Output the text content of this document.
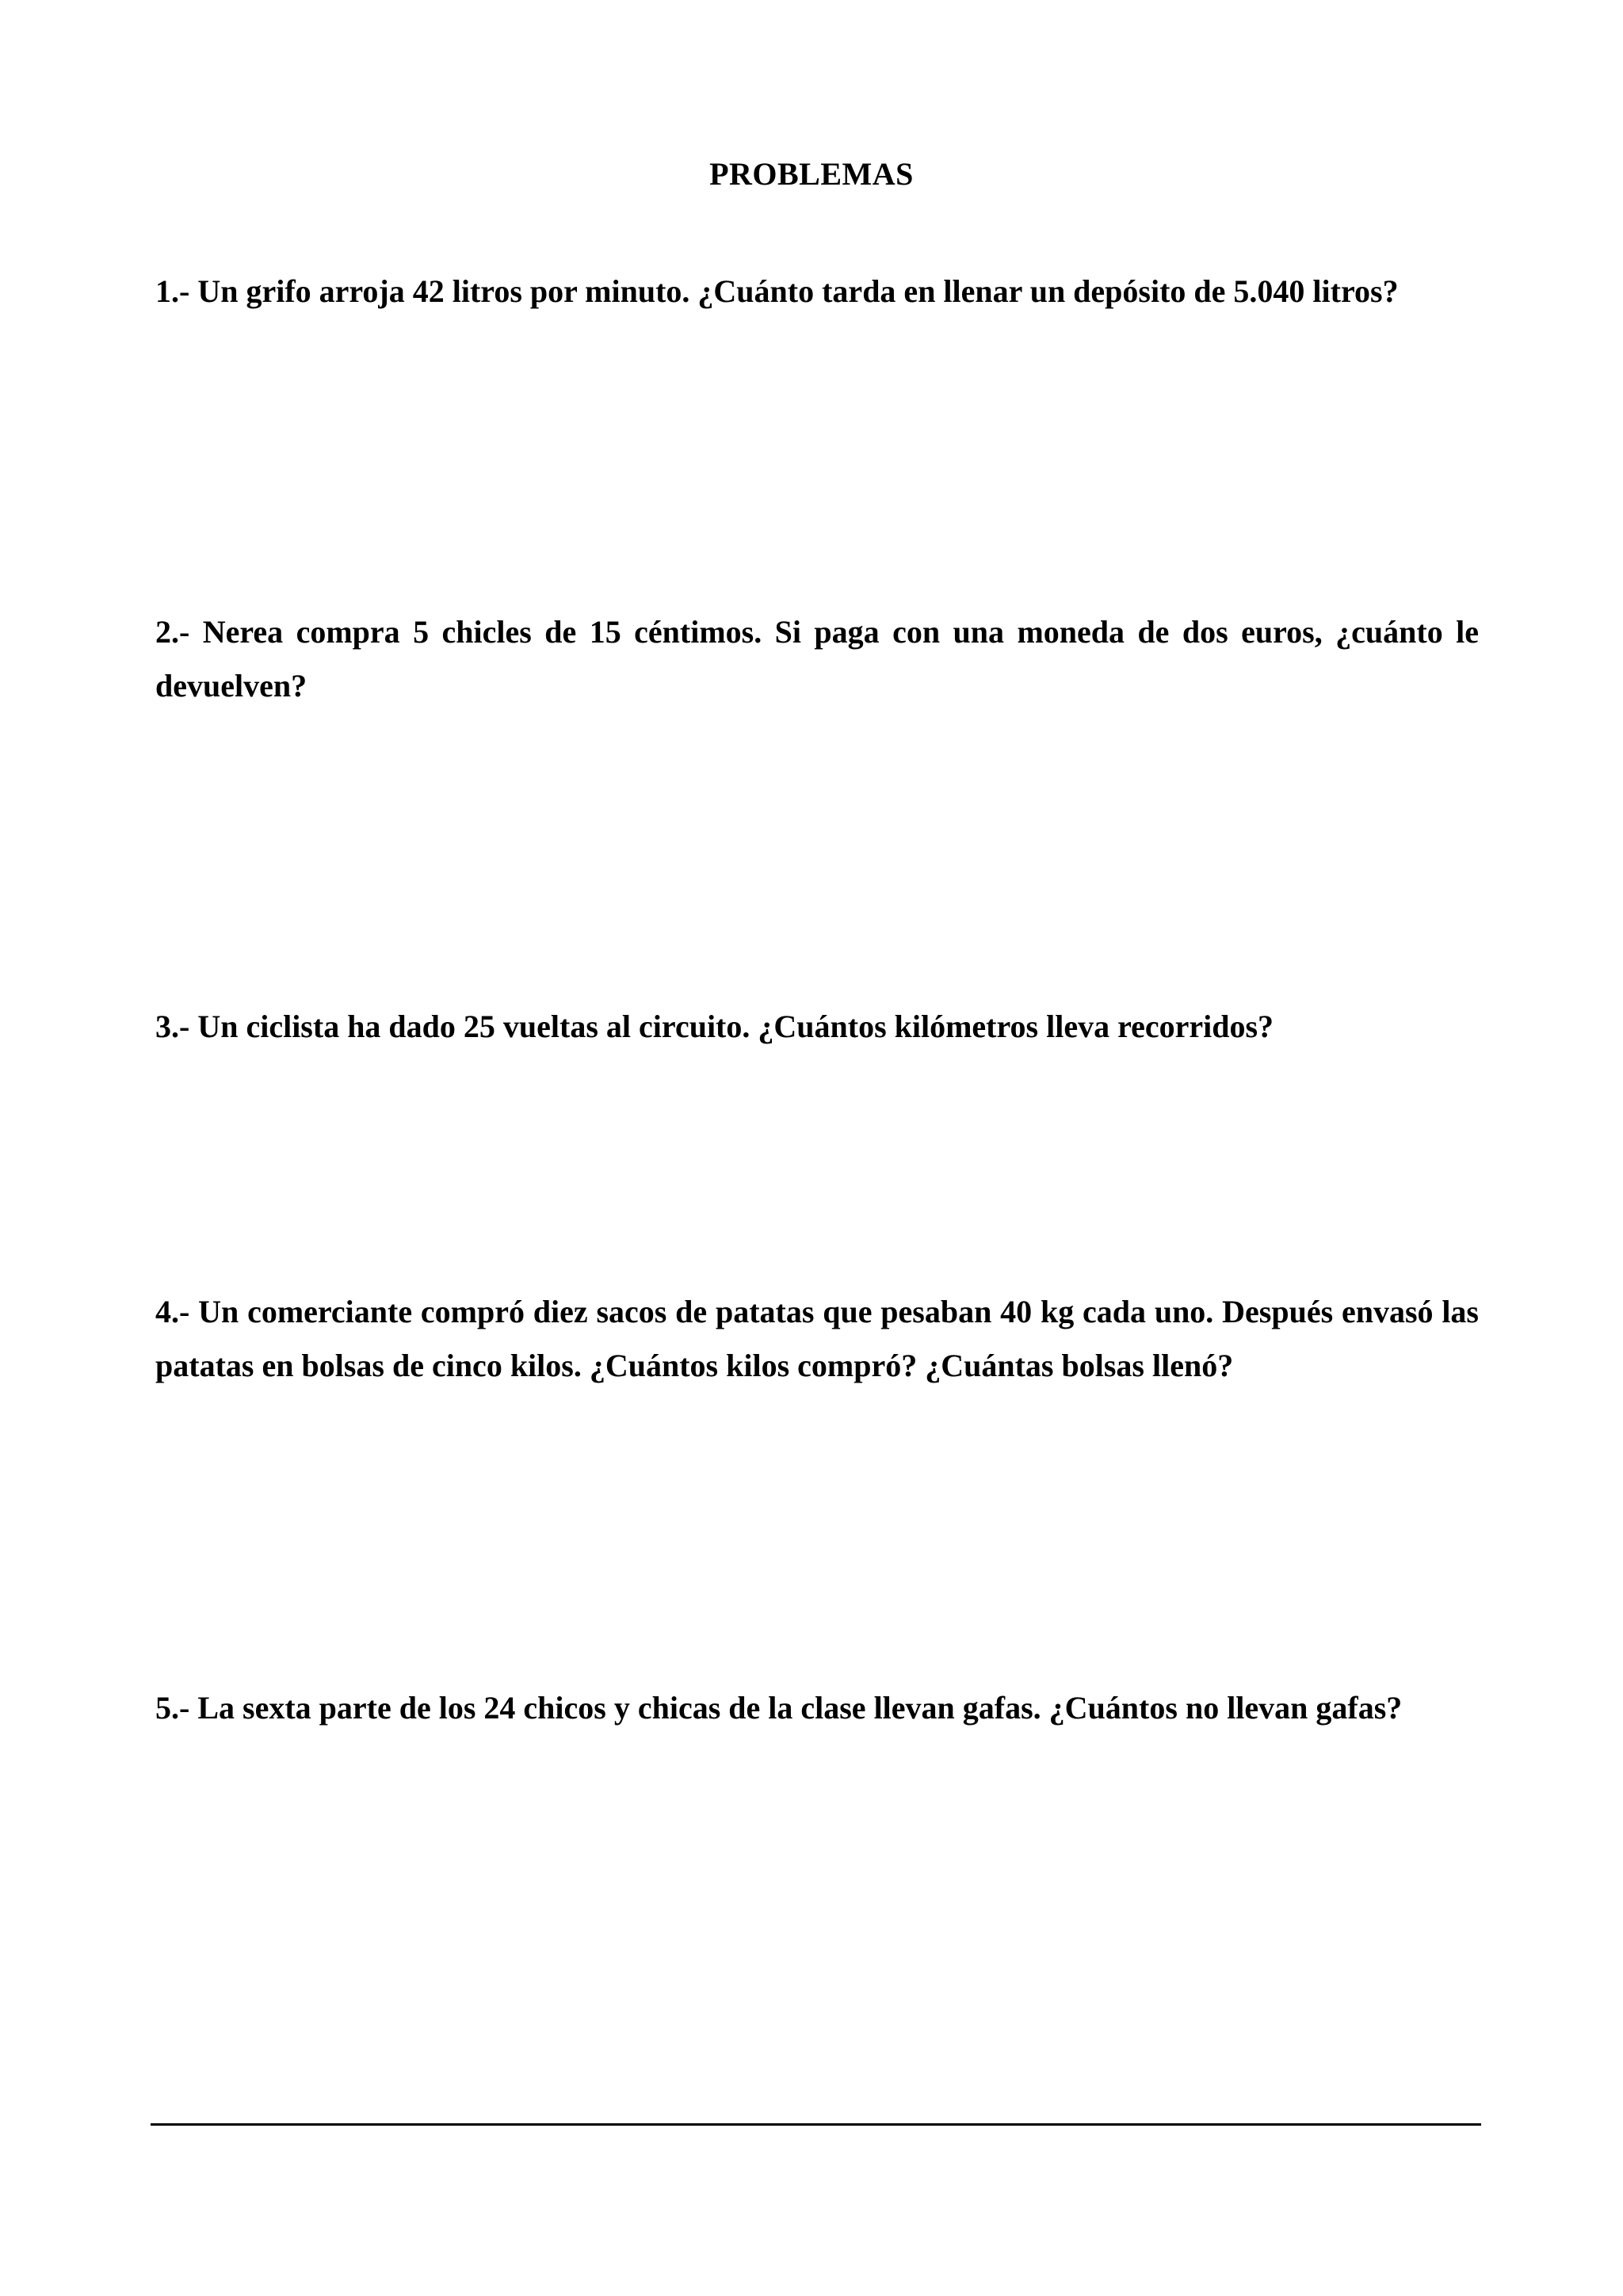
PROBLEMAS
1.- Un grifo arroja 42 litros por minuto. ¿Cuánto tarda en llenar un depósito de 5.040 litros?
2.- Nerea compra 5 chicles de 15 céntimos. Si paga con una moneda de dos euros, ¿cuánto le devuelven?
3.- Un ciclista ha dado 25 vueltas al circuito. ¿Cuántos kilómetros lleva recorridos?
4.- Un comerciante compró diez sacos de patatas que pesaban 40 kg cada uno. Después envasó las patatas en bolsas de cinco kilos. ¿Cuántos kilos compró? ¿Cuántas bolsas llenó?
5.- La sexta parte de los 24 chicos y chicas de la clase llevan gafas. ¿Cuántos no llevan gafas?
